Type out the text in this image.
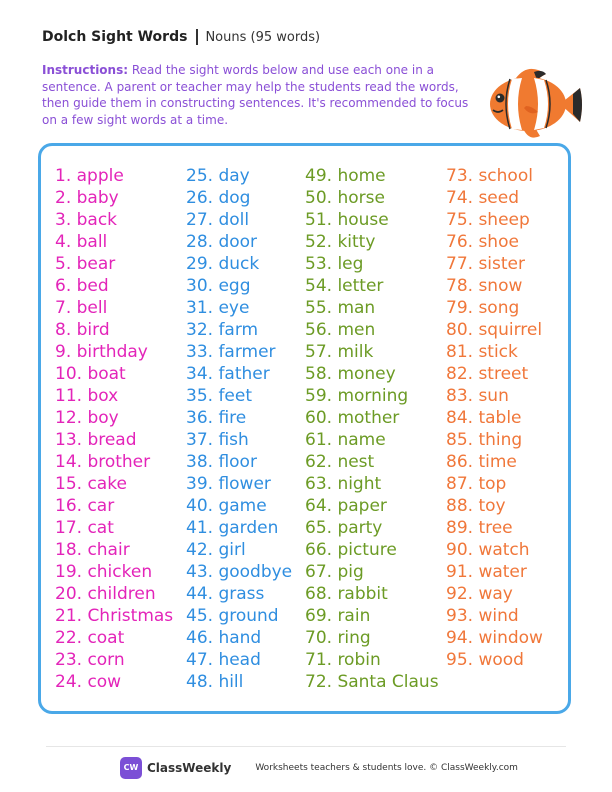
Dolch Sight Words Nouns (95 words)
Instructions: Read the sight words below and use each one in a sentence. A parent or teacher may help the students read the words, then guide them in constructing sentences. It's recommended to focus on a few sight words at a time.
1. apple
2. baby
3. back
4. ball
5. bear
6. bed
7. bell
8. bird
9. birthday
10. boat
11. box
12. boy
13. bread
14. brother
15. cake
16. car
17. cat
18. chair
19. chicken
20. children
21. Christmas
22. coat
23. corn
24. cow
25. day
26. dog
27. doll
28. door
29. duck
30. egg
31. eye
32. farm
33. farmer
34. father
35. feet
36. fire
37. fish
38. floor
39. flower
40. game
41. garden
42. girl
43. goodbye
44. grass
45. ground
46. hand
47. head
48. hill
49. home
50. horse
51. house
52. kitty
53. leg
54. letter
55. man
56. men
57. milk
58. money
59. morning
60. mother
61. name
62. nest
63. night
64. paper
65. party
66. picture
67. pig
68. rabbit
69. rain
70. ring
71. robin
72. Santa Claus
73. school
74. seed
75. sheep
76. shoe
77. sister
78. snow
79. song
80. squirrel
81. stick
82. street
83. sun
84. table
85. thing
86. time
87. top
88. toy
89. tree
90. watch
91. water
92. way
93. wind
94. window
95. wood
CW ClassWeekly	Worksheets teachers & students love. © ClassWeekly.com
